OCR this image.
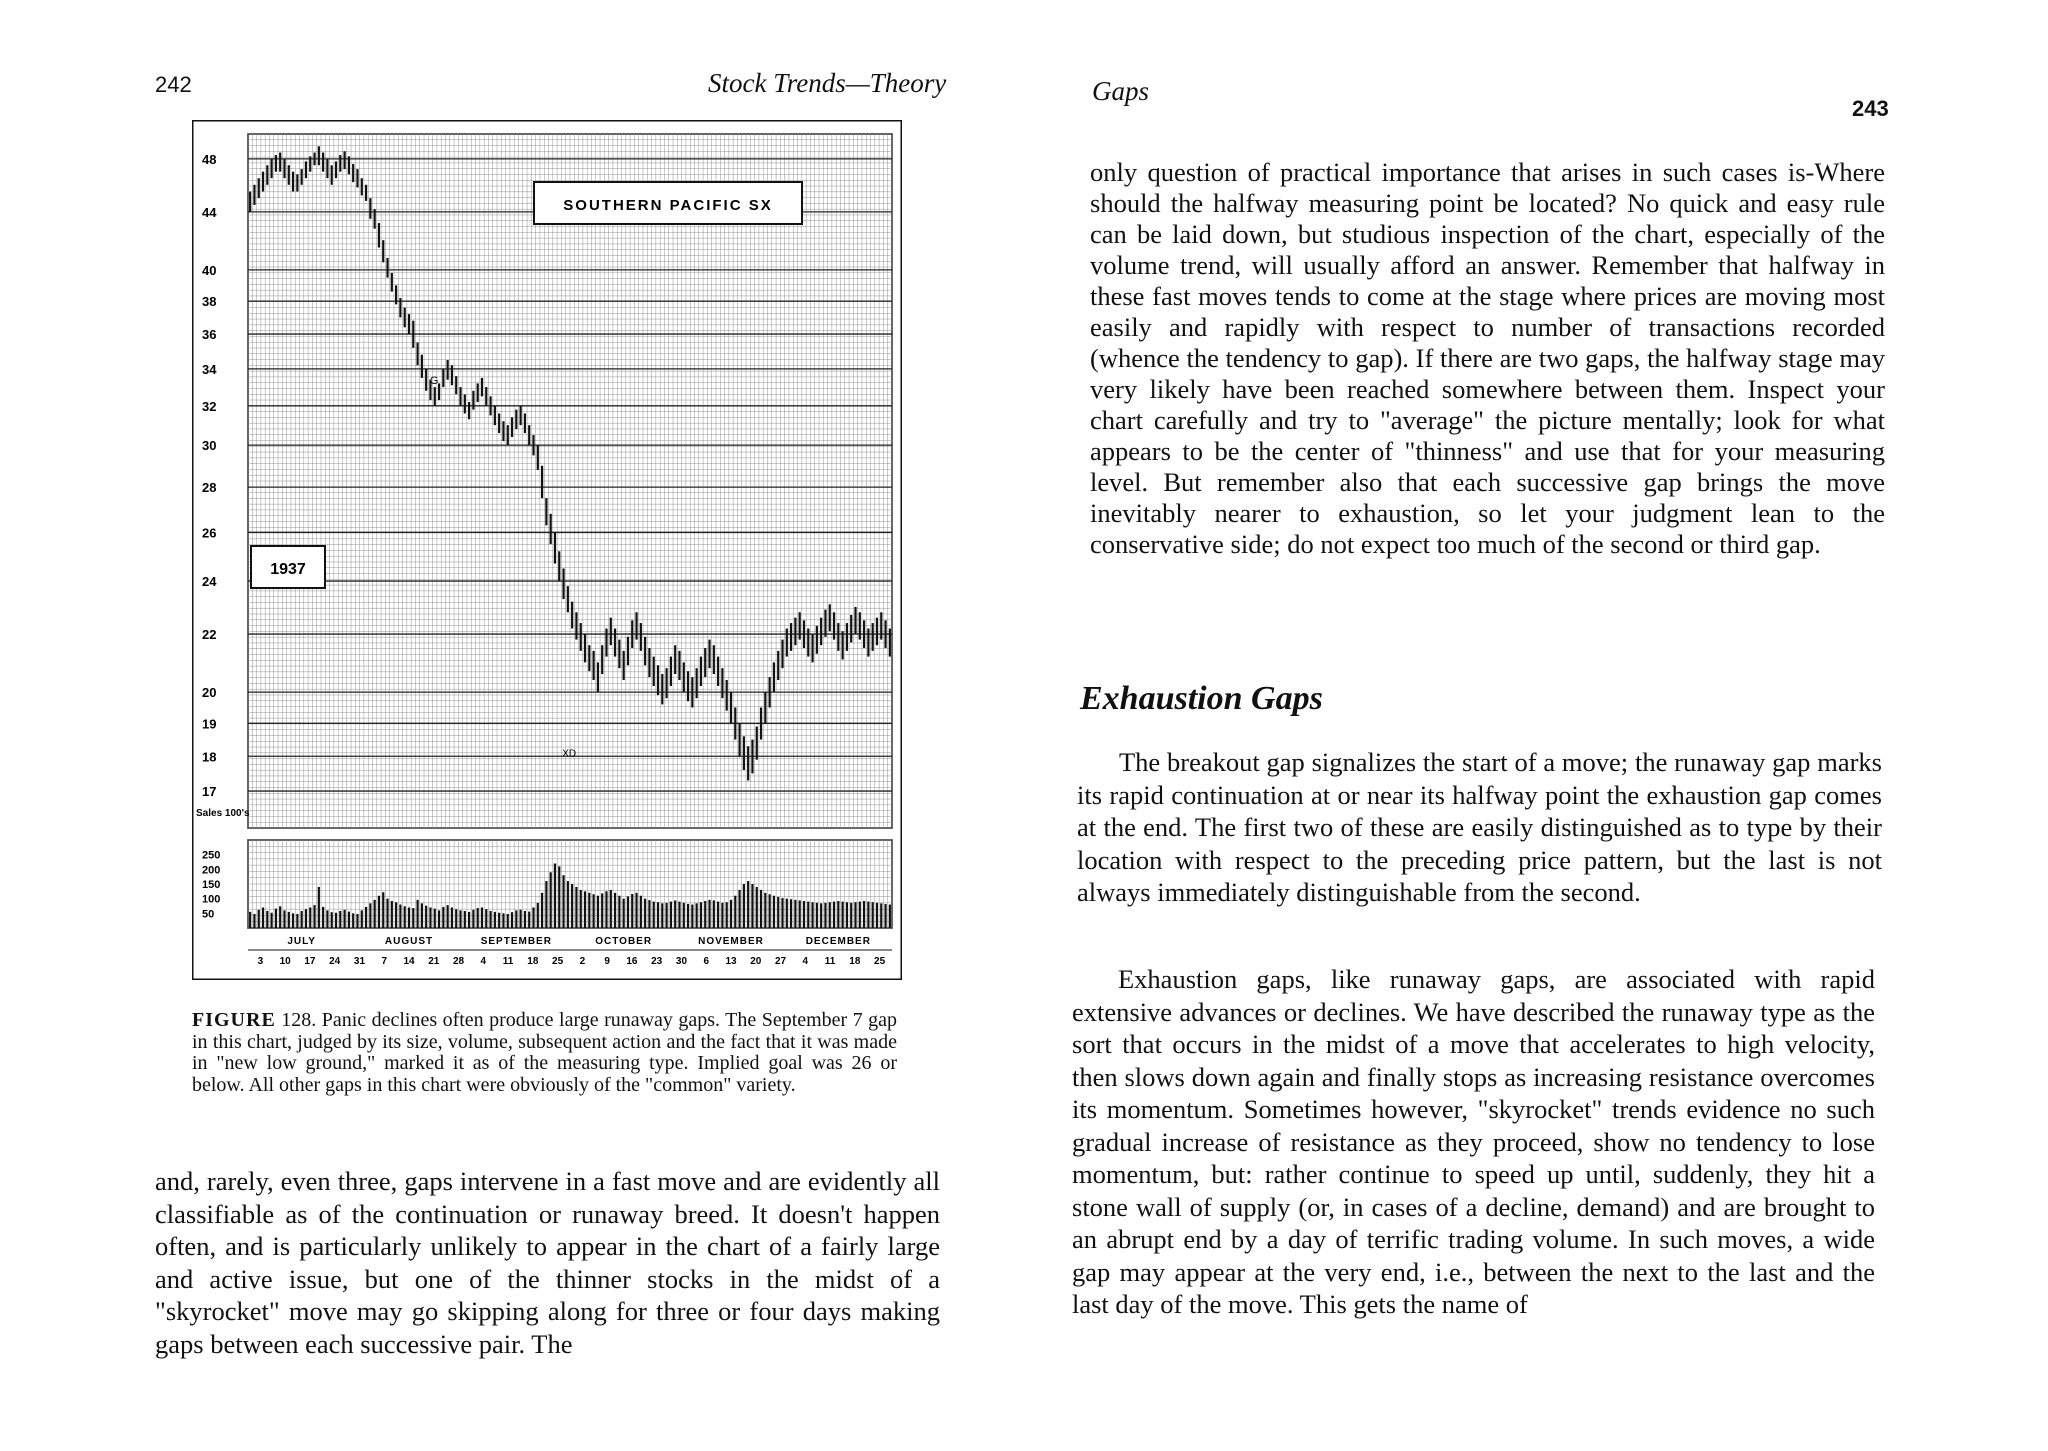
242	Stock Trends—Theory
48
44
40
38
36
34
32
30
28
26
24
22
20
19
18
17
250
200
150
100
50
JULY	AUGUST	SEPTEMBER	OCTOBER	NOVEMBER	DECEMBER
3 10 17 24 31 7 14 21 28 4 11 18 25 2 9 16 23 30 6 13 20 27 4 11 18 25
SOUTHERN PACIFIC SX
1937
G
XD
Sales 100's

FIGURE 128. Panic declines often produce large runaway gaps. The September 7 gap in this chart, judged by its size, volume, subsequent action and the fact that it was made in "new low ground," marked it as of the measuring type. Implied goal was 26 or below. All other gaps in this chart were obviously of the "common" variety.

and, rarely, even three, gaps intervene in a fast move and are evidently all classifiable as of the continuation or runaway breed. It doesn't happen often, and is particularly unlikely to appear in the chart of a fairly large and active issue, but one of the thinner stocks in the midst of a "skyrocket" move may go skipping along for three or four days making gaps between each successive pair. The

Gaps
243

only question of practical importance that arises in such cases is-Where should the halfway measuring point be located? No quick and easy rule can be laid down, but studious inspection of the chart, especially of the volume trend, will usually afford an answer. Remember that halfway in these fast moves tends to come at the stage where prices are moving most easily and rapidly with respect to number of transactions recorded (whence the tendency to gap). If there are two gaps, the halfway stage may very likely have been reached somewhere between them. Inspect your chart carefully and try to "average" the picture mentally; look for what appears to be the center of "thinness" and use that for your measuring level. But remember also that each successive gap brings the move inevitably nearer to exhaustion, so let your judgment lean to the conservative side; do not expect too much of the second or third gap.

Exhaustion Gaps

The breakout gap signalizes the start of a move; the runaway gap marks its rapid continuation at or near its halfway point the exhaustion gap comes at the end. The first two of these are easily distinguished as to type by their location with respect to the preceding price pattern, but the last is not always immediately distinguishable from the second.

Exhaustion gaps, like runaway gaps, are associated with rapid extensive advances or declines. We have described the runaway type as the sort that occurs in the midst of a move that accelerates to high velocity, then slows down again and finally stops as increasing resistance overcomes its momentum. Sometimes however, "skyrocket" trends evidence no such gradual increase of resistance as they proceed, show no tendency to lose momentum, but: rather continue to speed up until, suddenly, they hit a stone wall of supply (or, in cases of a decline, demand) and are brought to an abrupt end by a day of terrific trading volume. In such moves, a wide gap may appear at the very end, i.e., between the next to the last and the last day of the move. This gets the name of
